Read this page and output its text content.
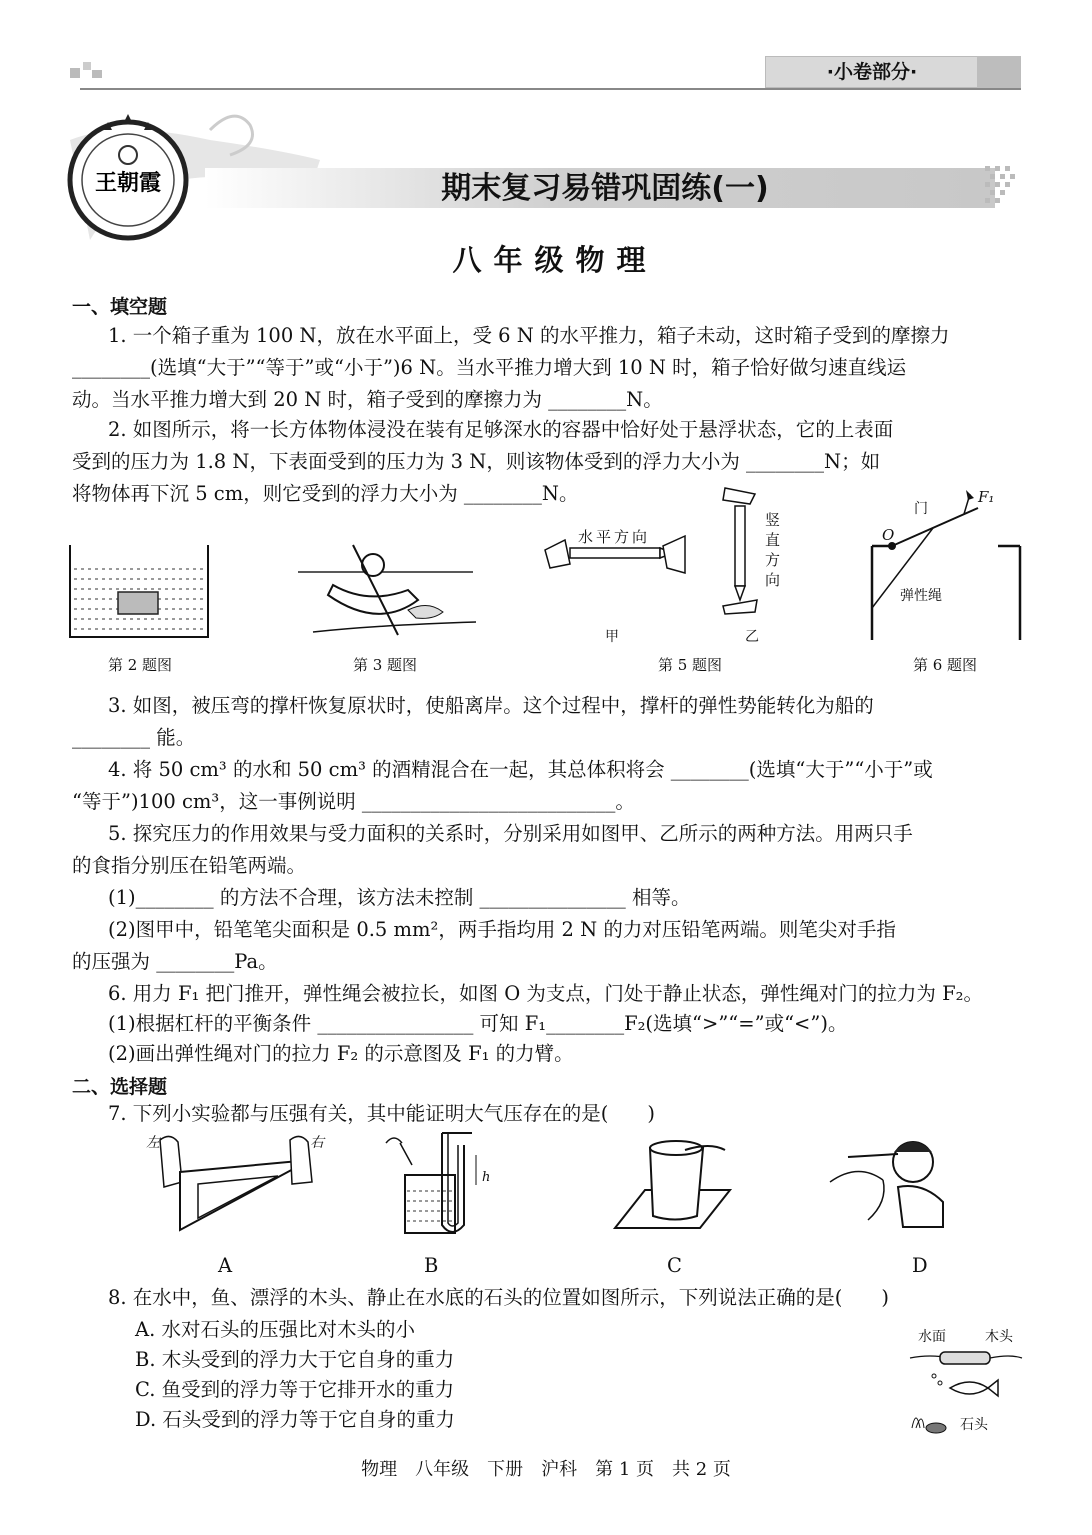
·小卷部分·
王朝霞	期末复习易错巩固练(一)
八年级物理
一、填空题
1. 一个箱子重为 100 N，放在水平面上，受 6 N 的水平推力，箱子未动，这时箱子受到的摩擦力
________(选填“大于”“等于”或“小于”)6 N。当水平推力增大到 10 N 时，箱子恰好做匀速直线运
动。当水平推力增大到 20 N 时，箱子受到的摩擦力为 ________N。
2. 如图所示，将一长方体物体浸没在装有足够深水的容器中恰好处于悬浮状态，它的上表面
受到的压力为 1.8 N，下表面受到的压力为 3 N，则该物体受到的浮力大小为 ________N；如
将物体再下沉 5 cm，则它受到的浮力大小为 ________N。
第 2 题图	第 3 题图
水平方向
竖直方向
甲	乙
第 5 题图
门
F₁
O
弹性绳
第 6 题图
3. 如图，被压弯的撑杆恢复原状时，使船离岸。这个过程中，撑杆的弹性势能转化为船的
________ 能。
4. 将 50 cm³ 的水和 50 cm³ 的酒精混合在一起，其总体积将会 ________(选填“大于”“小于”或
“等于”)100 cm³，这一事例说明 __________________________。
5. 探究压力的作用效果与受力面积的关系时，分别采用如图甲、乙所示的两种方法。用两只手
的食指分别压在铅笔两端。
(1)________ 的方法不合理，该方法未控制 _______________ 相等。
(2)图甲中，铅笔笔尖面积是 0.5 mm²，两手指均用 2 N 的力对压铅笔两端。则笔尖对手指
的压强为 ________Pa。
6. 用力 F₁ 把门推开，弹性绳会被拉长，如图 O 为支点，门处于静止状态，弹性绳对门的拉力为 F₂。
(1)根据杠杆的平衡条件 ________________ 可知 F₁________F₂(选填“>”“=”或“<”)。
(2)画出弹性绳对门的拉力 F₂ 的示意图及 F₁ 的力臂。
二、选择题
7. 下列小实验都与压强有关，其中能证明大气压存在的是(　　)
左	右
h
A	B	C	D
8. 在水中，鱼、漂浮的木头、静止在水底的石头的位置如图所示，下列说法正确的是(　　)
A. 水对石头的压强比对木头的小
B. 木头受到的浮力大于它自身的重力
C. 鱼受到的浮力等于它排开水的重力
D. 石头受到的浮力等于它自身的重力
水面	木头
石头
物理　八年级　下册　沪科　第 1 页　共 2 页
